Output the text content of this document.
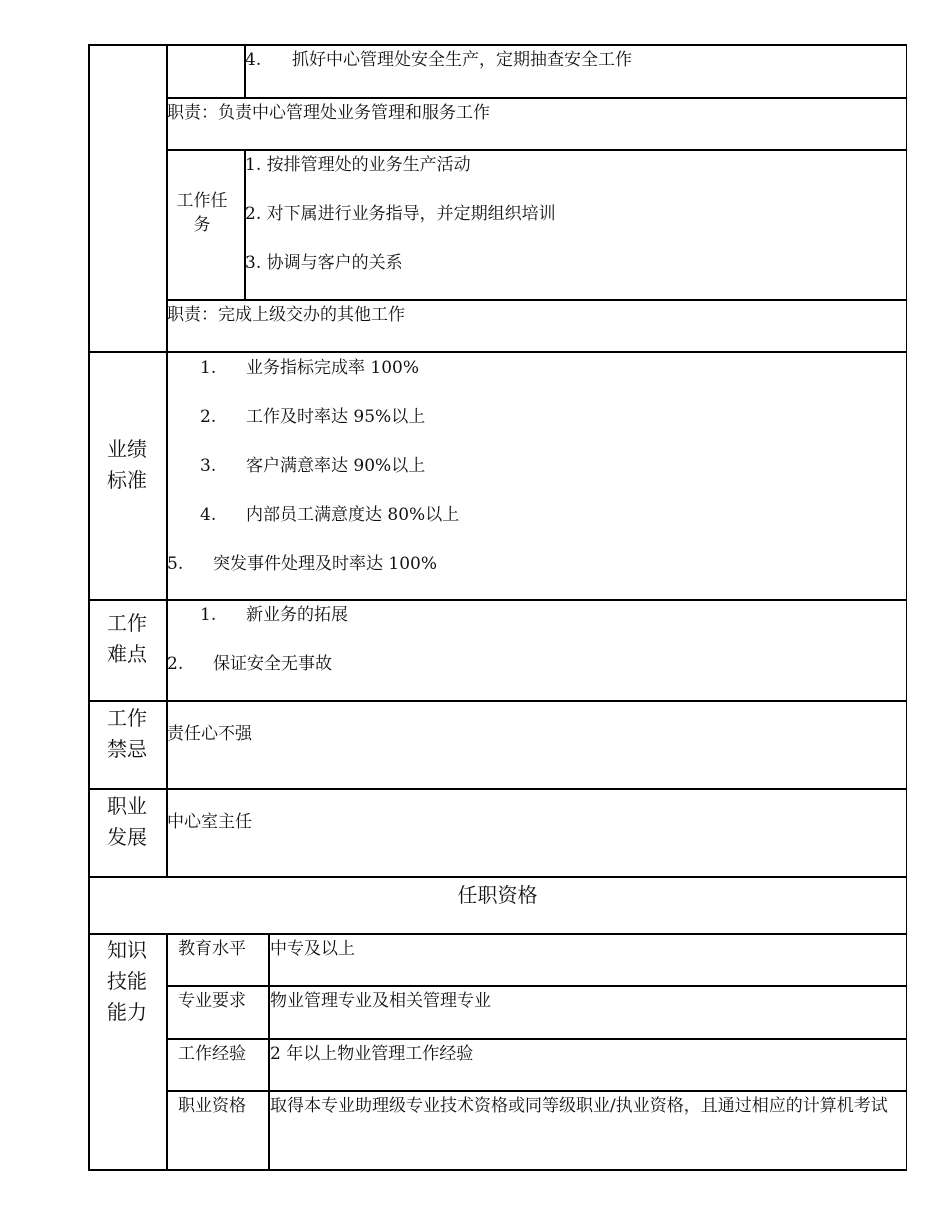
4. 抓好中心管理处安全生产，定期抽查安全工作
职责：负责中心管理处业务管理和服务工作
工作任务
1. 按排管理处的业务生产活动
2. 对下属进行业务指导，并定期组织培训
3. 协调与客户的关系
职责：完成上级交办的其他工作
业绩标准
1. 业务指标完成率 100%
2. 工作及时率达 95%以上
3. 客户满意率达 90%以上
4. 内部员工满意度达 80%以上
5. 突发事件处理及时率达 100%
工作难点
1. 新业务的拓展
2. 保证安全无事故
工作禁忌
责任心不强
职业发展
中心室主任
任职资格
知识技能能力
教育水平 中专及以上
专业要求 物业管理专业及相关管理专业
工作经验 2 年以上物业管理工作经验
职业资格 取得本专业助理级专业技术资格或同等级职业/执业资格，且通过相应的计算机考试
